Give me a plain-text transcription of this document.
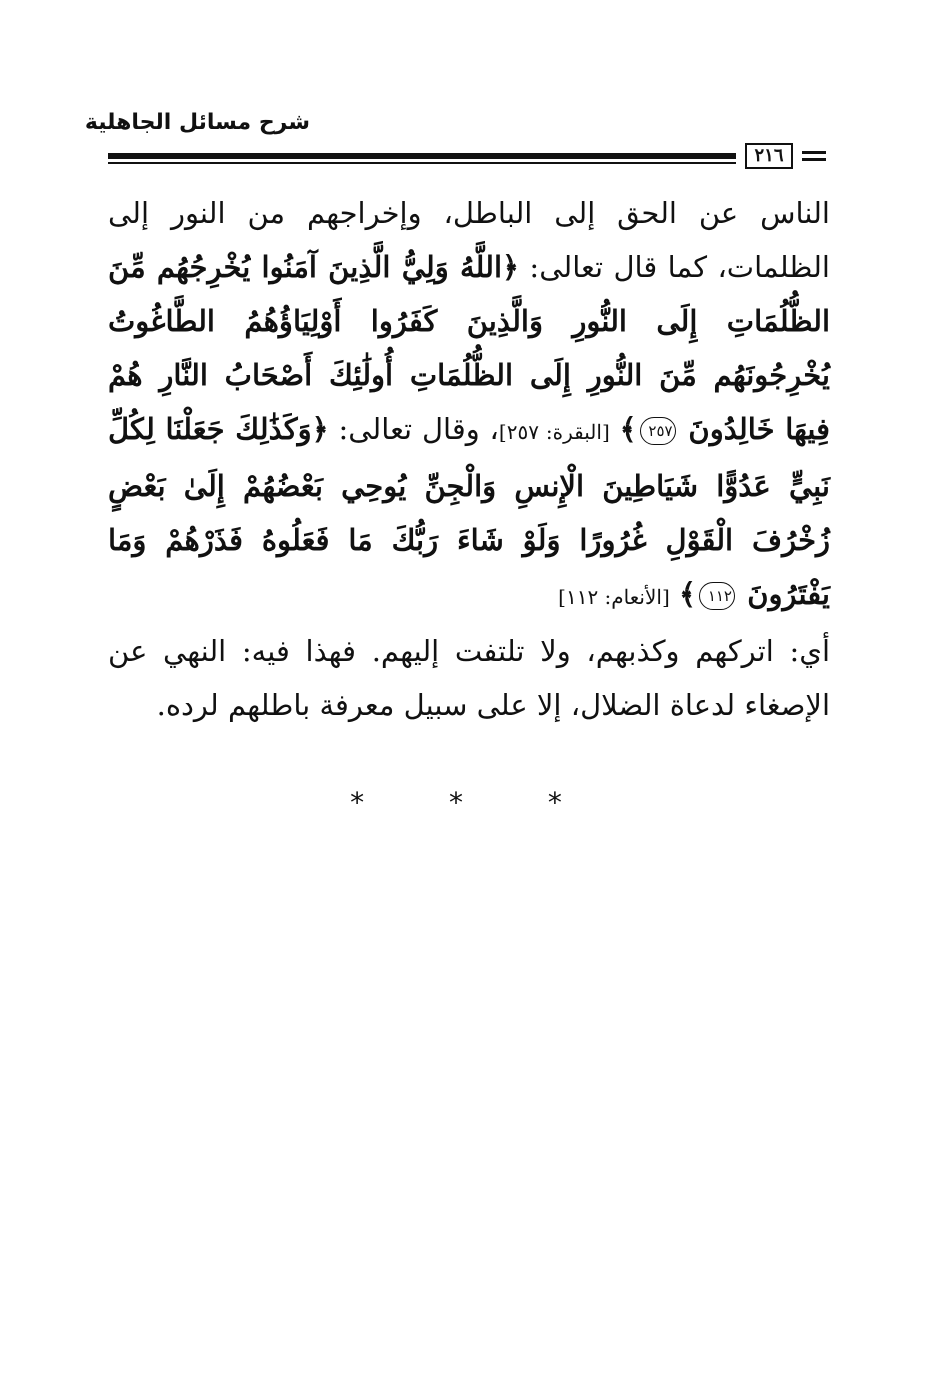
شرح مسائل الجاهلية
٢١٦

الناس عن الحق إلى الباطل، وإخراجهم من النور إلى الظلمات، كما قال تعالى: ﴿اللَّهُ وَلِيُّ الَّذِينَ آمَنُوا يُخْرِجُهُم مِّنَ الظُّلُمَاتِ إِلَى النُّورِ وَالَّذِينَ كَفَرُوا أَوْلِيَاؤُهُمُ الطَّاغُوتُ يُخْرِجُونَهُم مِّنَ النُّورِ إِلَى الظُّلُمَاتِ أُولَٰئِكَ أَصْحَابُ النَّارِ هُمْ فِيهَا خَالِدُونَ ٢٥٧﴾ [البقرة: ٢٥٧]، وقال تعالى: ﴿وَكَذَٰلِكَ جَعَلْنَا لِكُلِّ نَبِيٍّ عَدُوًّا شَيَاطِينَ الْإِنسِ وَالْجِنِّ يُوحِي بَعْضُهُمْ إِلَىٰ بَعْضٍ زُخْرُفَ الْقَوْلِ غُرُورًا وَلَوْ شَاءَ رَبُّكَ مَا فَعَلُوهُ فَذَرْهُمْ وَمَا يَفْتَرُونَ ١١٢﴾ [الأنعام: ١١٢]

أي: اتركهم وكذبهم، ولا تلتفت إليهم. فهذا فيه: النهي عن الإصغاء لدعاة الضلال، إلا على سبيل معرفة باطلهم لرده.

* * *
